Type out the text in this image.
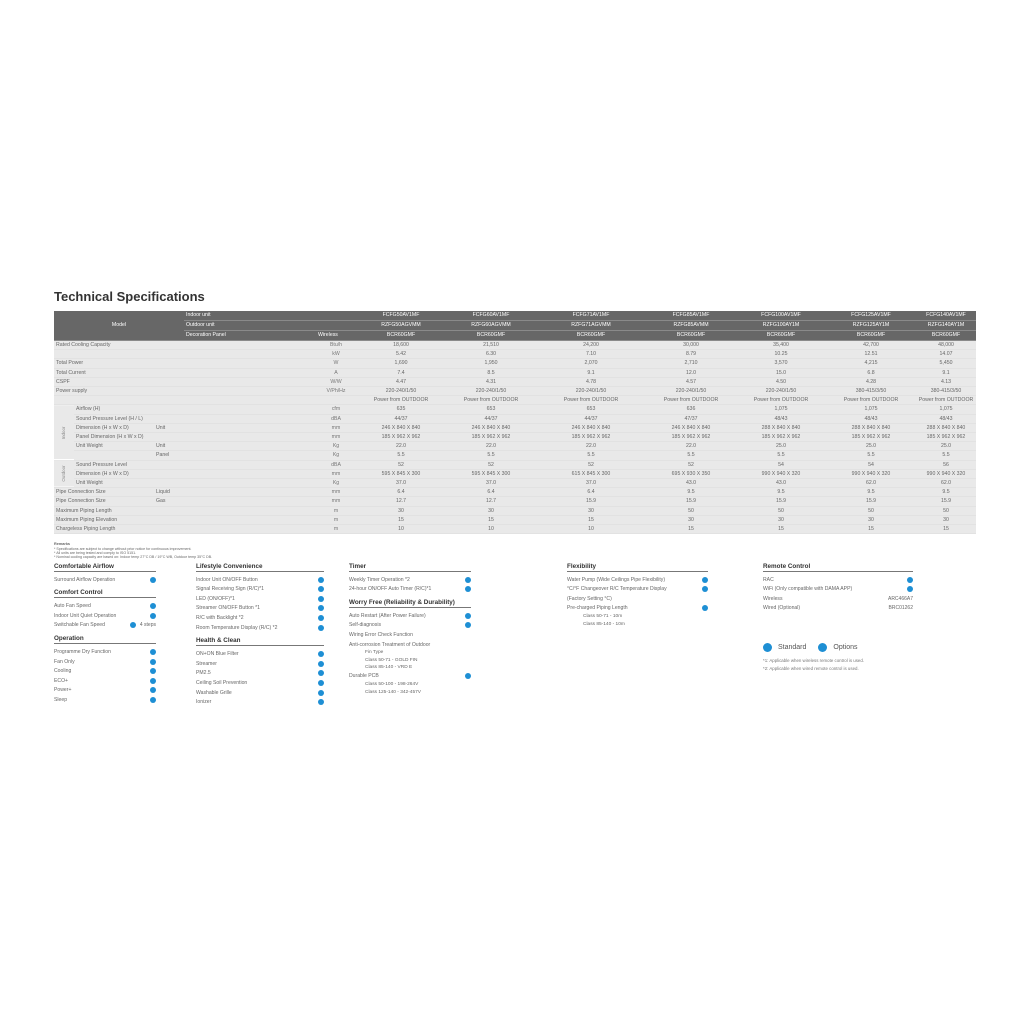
Technical Specifications
Model			Indoor unit		FCFG50AV1MF	FCFG60AV1MF	FCFG71AV1MF	FCFG85AV1MF	FCFG100AV1MF	FCFG125AV1MF	FCFG140AV1MF
			Outdoor unit		RZFG50AGVMM	RZFG60AGVMM	RZFG71AGVMM	RZFG85AVMM	RZFG100AY1M	RZFG125AY1M	RZFG140AY1M
			Decoration Panel	Wireless	BCR60GMF	BCR60GMF	BCR60GMF	BCR60GMF	BCR60GMF	BCR60GMF	BCR60GMF
Rated Cooling Capacity				Btu/h	18,600	21,510	24,200	30,000	35,400	42,700	48,000
				kW	5.42	6.30	7.10	8.79	10.25	12.51	14.07
Total Power				W	1,690	1,950	2,070	2,710	3,570	4,215	5,450
Total Current				A	7.4	8.5	9.1	12.0	15.0	6.8	9.1
CSPF				W/W	4.47	4.31	4.78	4.57	4.50	4.28	4.13
Power supply				V/Ph/Hz	220-240/1/50	220-240/1/50	220-240/1/50	220-240/1/50	220-240/1/50	380-415/3/50	380-415/3/50
					Power from OUTDOOR	Power from OUTDOOR	Power from OUTDOOR	Power from OUTDOOR	Power from OUTDOOR	Power from OUTDOOR	Power from OUTDOOR
Indoor	Airflow (H)			cfm	635	653	653	636	1,075	1,075	1,075
	Sound Pressure Level (H / L)			dBA	44/37	44/37	44/37	47/37	48/43	48/43	48/43
	Dimension (H x W x D)	Unit		mm	246 X 840 X 840	246 X 840 X 840	246 X 840 X 840	246 X 840 X 840	288 X 840 X 840	288 X 840 X 840	288 X 840 X 840
	Panel Dimension (H x W x D)			mm	185 X 962 X 962	185 X 962 X 962	185 X 962 X 962	185 X 962 X 962	185 X 962 X 962	185 X 962 X 962	185 X 962 X 962
	Unit Weight	Unit		Kg	22.0	22.0	22.0	22.0	25.0	25.0	25.0
		Panel		Kg	5.5	5.5	5.5	5.5	5.5	5.5	5.5
Outdoor	Sound Pressure Level			dBA	52	52	52	52	54	54	56
	Dimension (H x W x D)			mm	595 X 845 X 300	595 X 845 X 300	615 X 845 X 300	695 X 930 X 350	990 X 940 X 320	990 X 940 X 320	990 X 940 X 320
	Unit Weight			Kg	37.0	37.0	37.0	43.0	43.0	62.0	62.0
Pipe Connection Size		Liquid		mm	6.4	6.4	6.4	9.5	9.5	9.5	9.5
Pipe Connection Size		Gas		mm	12.7	12.7	15.9	15.9	15.9	15.9	15.9
Maximum Piping Length				m	30	30	30	50	50	50	50
Maximum Piping Elevation				m	15	15	15	30	30	30	30
Chargeless Piping Length				m	10	10	10	15	15	15	15
Remarks
* Specifications are subject to change without prior notice for continuous improvement.
* All units are being tested and comply to ISO 5151.
* Nominal cooling capacity are based on: Indoor temp 27°C DB / 19°C WB, Outdoor temp 35°C DB.
Comfortable Airflow
Surround Airflow Operation
Comfort Control
Auto Fan Speed
Indoor Unit Quiet Operation
Switchable Fan Speed	4 steps
Operation
Programme Dry Function
Fan Only
Cooling
ECO+
Power+
Sleep
Lifestyle Convenience
Indoor Unit ON/OFF Button
Signal Receiving Sign (R/C)*1
LED (ON/OFF)*1
Streamer ON/OFF Button *1
R/C with Backlight *2
Room Temperature Display (R/C) *2
Health & Clean
ON+ON Blue Filter
Streamer
PM2.5
Ceiling Soil Prevention
Washable Grille
Ionizer
Timer
Weekly Timer Operation *2
24-hour ON/OFF Auto Timer (R/C)*1
Worry Free (Reliability & Durability)
Auto Restart (After Power Failure)
Self-diagnosis
Wiring Error Check Function
Anti-corrosion Treatment of Outdoor
Fin Type
Class 50-71 - GOLD FIN
Class 85-140 - VRD E
Durable PCB
Class 50-100 - 198-264V
Class 125-140 - 342-457V
Flexibility
Water Pump (Wide Ceilings Pipe Flexibility)
°C/°F Changeover R/C Temperature Display
(Factory Setting °C)
Pre-charged Piping Length
Class 50-71 - 10m
Class 85-140 - 10m
Remote Control
RAC
WiFi (Only compatible with DAMA APP)
Wireless	ARC466A7
Wired (Optional)	BRC01262
Standard	Options
*1: Applicable when wireless remote control is used.
*2: Applicable when wired remote control is used.
